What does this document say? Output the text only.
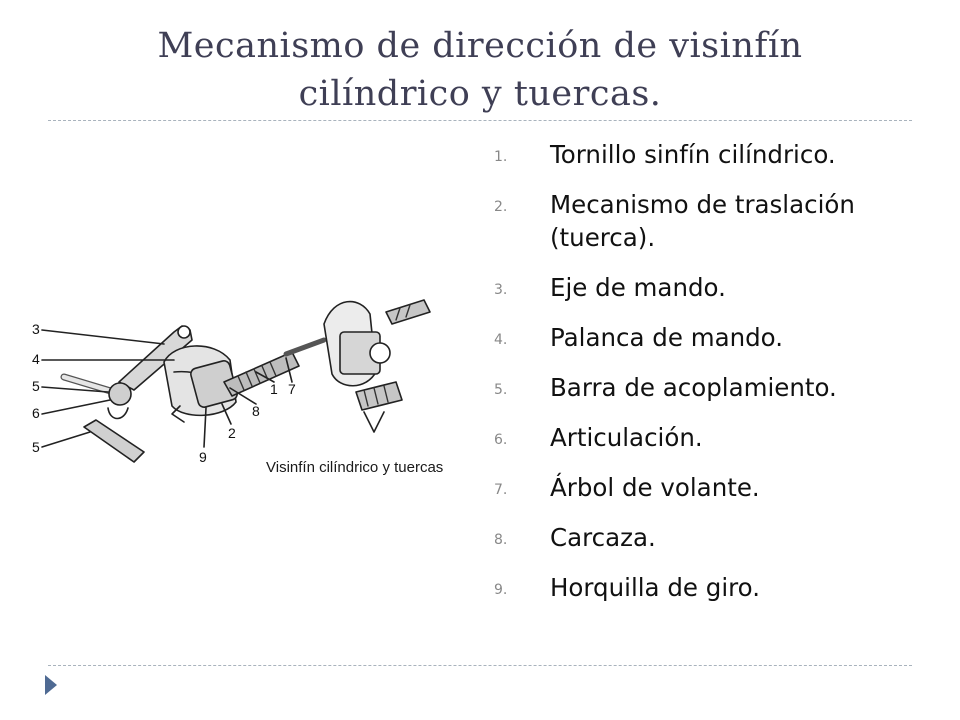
Mecanismo de dirección de visinfín
cilíndrico y tuercas.
3
4
5
6
5
9
2
8
1 7
Visinfín cilíndrico y tuercas
1. Tornillo sinfín cilíndrico.
2. Mecanismo de traslación (tuerca).
3. Eje de mando.
4. Palanca de mando.
5. Barra de acoplamiento.
6. Articulación.
7. Árbol de volante.
8. Carcaza.
9. Horquilla de giro.
